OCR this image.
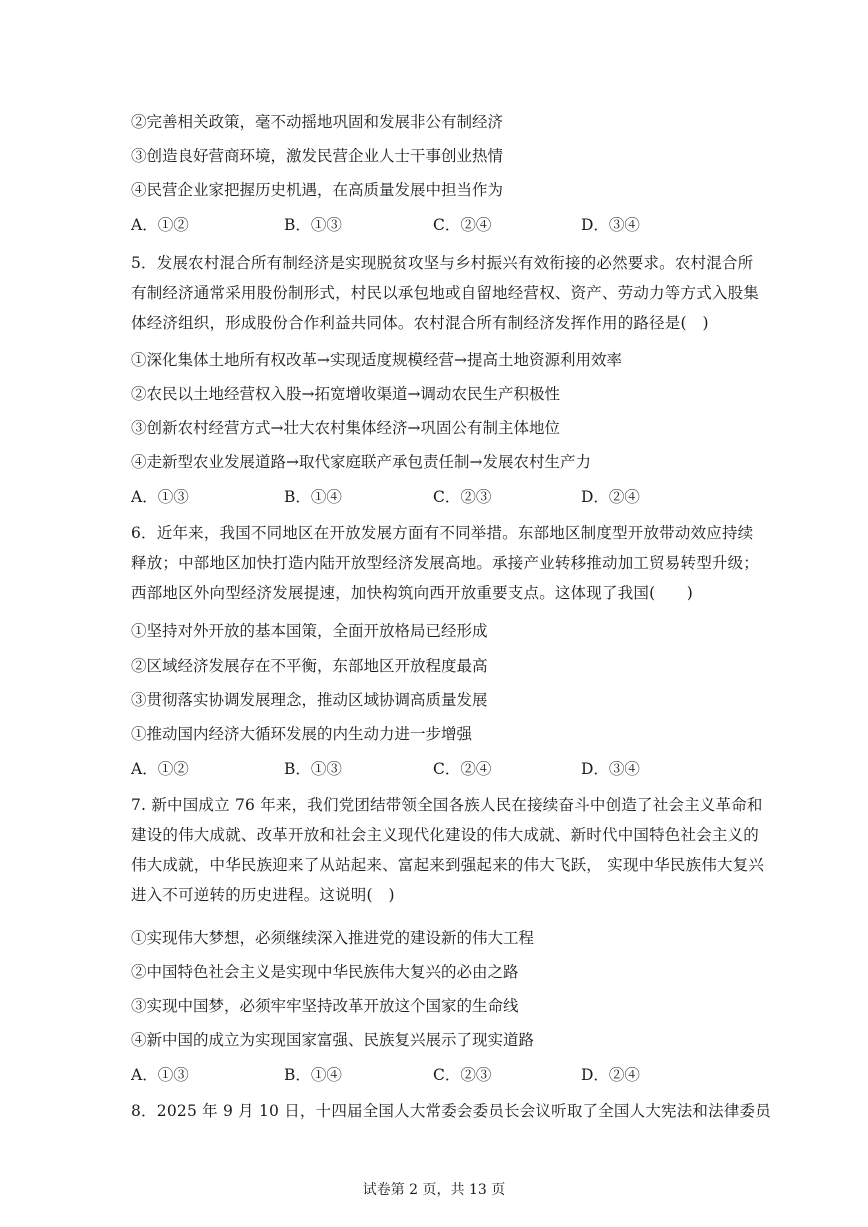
②完善相关政策，毫不动摇地巩固和发展非公有制经济
③创造良好营商环境，激发民营企业人士干事创业热情
④民营企业家把握历史机遇，在高质量发展中担当作为
A．①②	B．①③	C．②④	D．③④
5．发展农村混合所有制经济是实现脱贫攻坚与乡村振兴有效衔接的必然要求。农村混合所
有制经济通常采用股份制形式，村民以承包地或自留地经营权、资产、劳动力等方式入股集
体经济组织，形成股份合作利益共同体。农村混合所有制经济发挥作用的路径是(　)
①深化集体土地所有权改革→实现适度规模经营→提高土地资源利用效率
②农民以土地经营权入股→拓宽增收渠道→调动农民生产积极性
③创新农村经营方式→壮大农村集体经济→巩固公有制主体地位
④走新型农业发展道路→取代家庭联产承包责任制→发展农村生产力
A．①③	B．①④	C．②③	D．②④
6．近年来，我国不同地区在开放发展方面有不同举措。东部地区制度型开放带动效应持续
释放；中部地区加快打造内陆开放型经济发展高地。承接产业转移推动加工贸易转型升级；
西部地区外向型经济发展提速，加快构筑向西开放重要支点。这体现了我国(　　)
①坚持对外开放的基本国策，全面开放格局已经形成
②区域经济发展存在不平衡，东部地区开放程度最高
③贯彻落实协调发展理念，推动区域协调高质量发展
①推动国内经济大循环发展的内生动力进一步增强
A．①②	B．①③	C．②④	D．③④
7. 新中国成立 76 年来，我们党团结带领全国各族人民在接续奋斗中创造了社会主义革命和
建设的伟大成就、改革开放和社会主义现代化建设的伟大成就、新时代中国特色社会主义的
伟大成就，中华民族迎来了从站起来、富起来到强起来的伟大飞跃， 实现中华民族伟大复兴
进入不可逆转的历史进程。这说明(　)
①实现伟大梦想，必须继续深入推进党的建设新的伟大工程
②中国特色社会主义是实现中华民族伟大复兴的必由之路
③实现中国梦，必须牢牢坚持改革开放这个国家的生命线
④新中国的成立为实现国家富强、民族复兴展示了现实道路
A．①③	B．①④	C．②③	D．②④
8．2025 年 9 月 10 日，十四届全国人大常委会委员长会议听取了全国人大宪法和法律委员
试卷第 2 页，共 13 页
